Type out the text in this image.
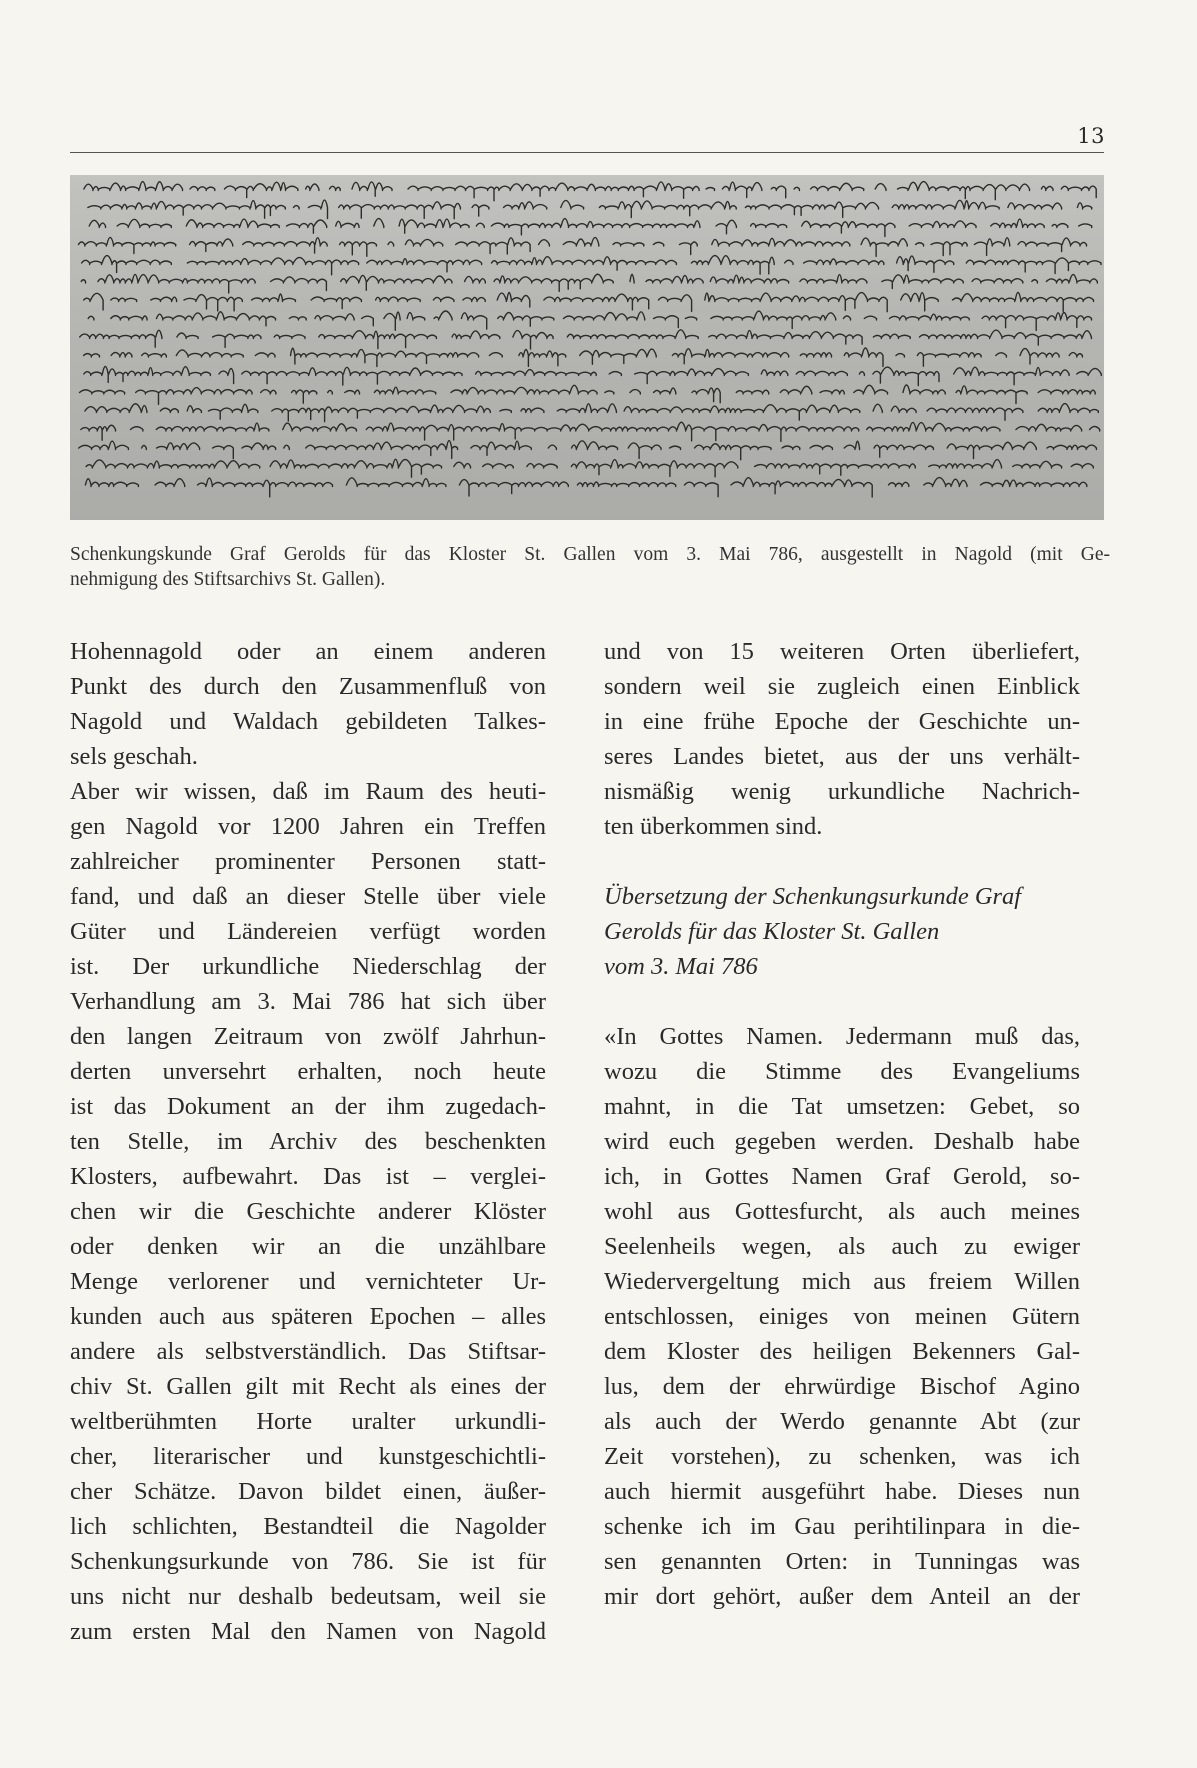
13
Schenkungskunde Graf Gerolds für das Kloster St. Gallen vom 3. Mai 786, ausgestellt in Nagold (mit Ge-
nehmigung des Stiftsarchivs St. Gallen).
Hohennagold oder an einem anderen
Punkt des durch den Zusammenfluß von
Nagold und Waldach gebildeten Talkes-
sels geschah.
Aber wir wissen, daß im Raum des heuti-
gen Nagold vor 1200 Jahren ein Treffen
zahlreicher prominenter Personen statt-
fand, und daß an dieser Stelle über viele
Güter und Ländereien verfügt worden
ist. Der urkundliche Niederschlag der
Verhandlung am 3. Mai 786 hat sich über
den langen Zeitraum von zwölf Jahrhun-
derten unversehrt erhalten, noch heute
ist das Dokument an der ihm zugedach-
ten Stelle, im Archiv des beschenkten
Klosters, aufbewahrt. Das ist – verglei-
chen wir die Geschichte anderer Klöster
oder denken wir an die unzählbare
Menge verlorener und vernichteter Ur-
kunden auch aus späteren Epochen – alles
andere als selbstverständlich. Das Stiftsar-
chiv St. Gallen gilt mit Recht als eines der
weltberühmten Horte uralter urkundli-
cher, literarischer und kunstgeschichtli-
cher Schätze. Davon bildet einen, äußer-
lich schlichten, Bestandteil die Nagolder
Schenkungsurkunde von 786. Sie ist für
uns nicht nur deshalb bedeutsam, weil sie
zum ersten Mal den Namen von Nagold
und von 15 weiteren Orten überliefert,
sondern weil sie zugleich einen Einblick
in eine frühe Epoche der Geschichte un-
seres Landes bietet, aus der uns verhält-
nismäßig wenig urkundliche Nachrich-
ten überkommen sind.
Übersetzung der Schenkungsurkunde Graf
Gerolds für das Kloster St. Gallen
vom 3. Mai 786
«In Gottes Namen. Jedermann muß das,
wozu die Stimme des Evangeliums
mahnt, in die Tat umsetzen: Gebet, so
wird euch gegeben werden. Deshalb habe
ich, in Gottes Namen Graf Gerold, so-
wohl aus Gottesfurcht, als auch meines
Seelenheils wegen, als auch zu ewiger
Wiedervergeltung mich aus freiem Willen
entschlossen, einiges von meinen Gütern
dem Kloster des heiligen Bekenners Gal-
lus, dem der ehrwürdige Bischof Agino
als auch der Werdo genannte Abt (zur
Zeit vorstehen), zu schenken, was ich
auch hiermit ausgeführt habe. Dieses nun
schenke ich im Gau perihtilinpara in die-
sen genannten Orten: in Tunningas was
mir dort gehört, außer dem Anteil an der
